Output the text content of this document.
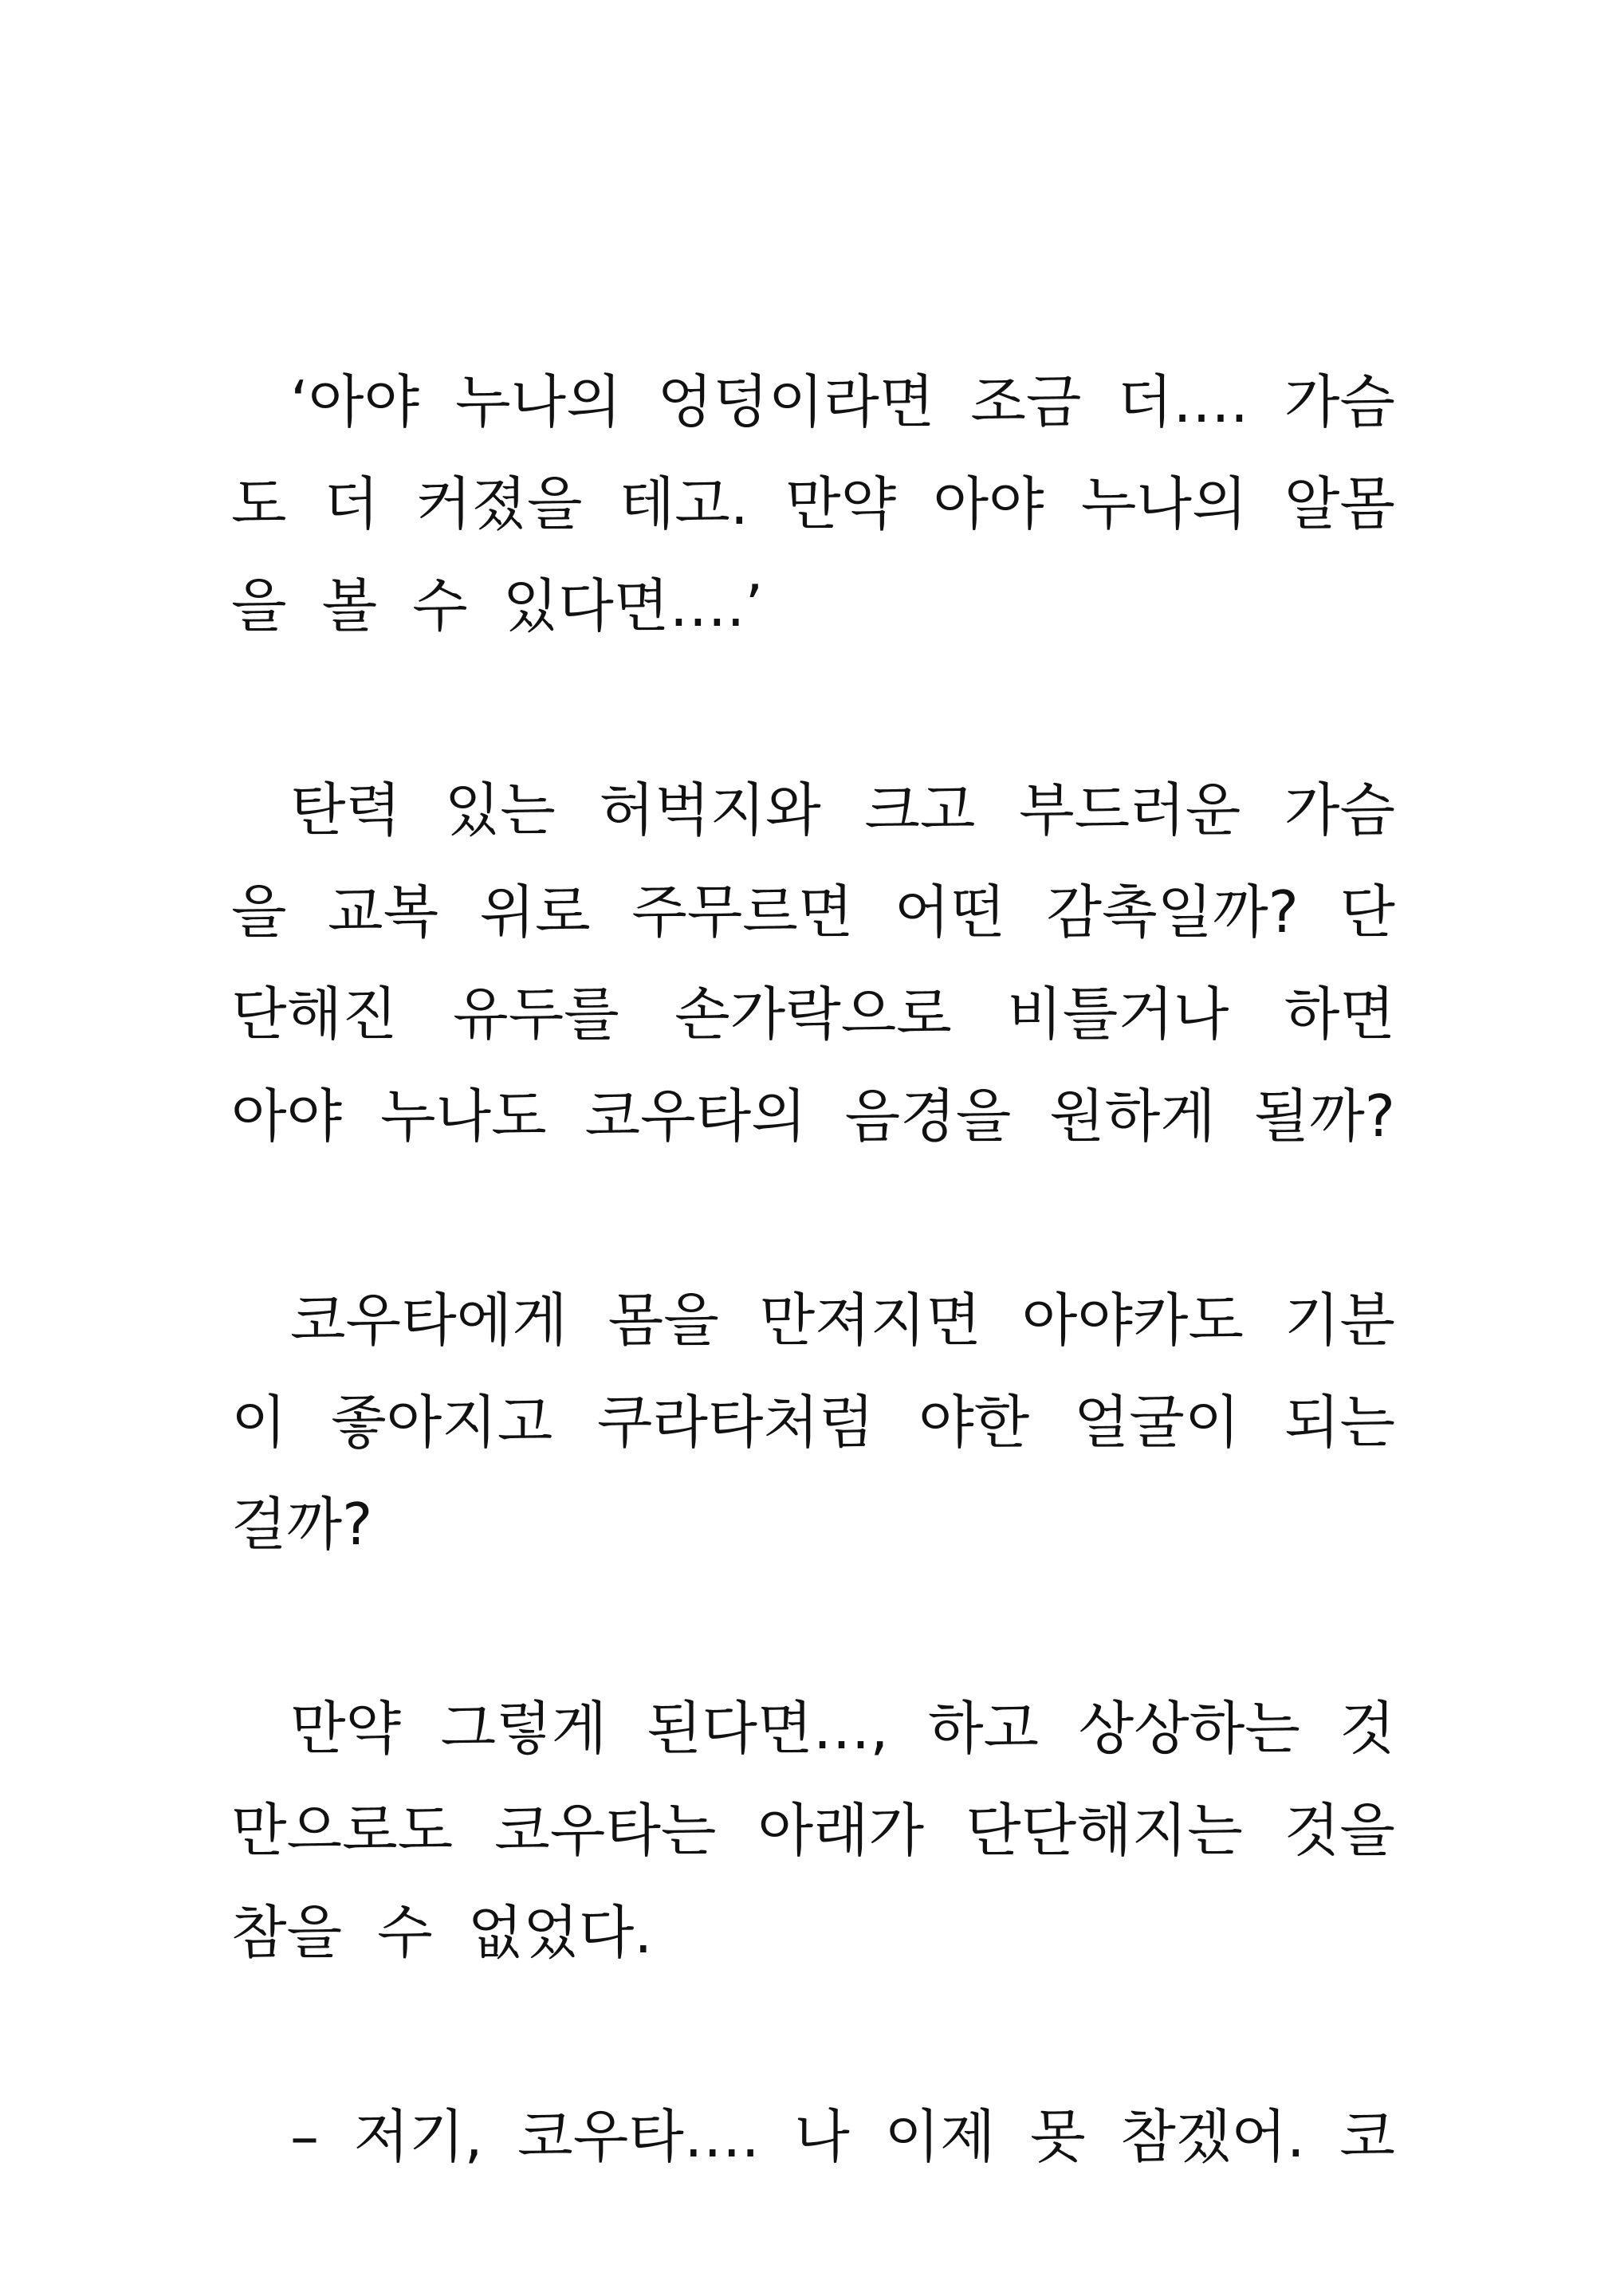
‘아야 누나의 엉덩이라면 조금 더…. 가슴
도 더 커졌을 테고. 만약 아야 누나의 알몸
을 볼 수 있다면….’
탄력 있는 허벅지와 크고 부드러운 가슴
을 교복 위로 주무르면 어떤 감촉일까? 단
단해진 유두를 손가락으로 비틀거나 하면
아야 누나도 코우타의 음경을 원하게 될까?
코우타에게 몸을 만져지면 아야카도 기분
이 좋아지고 쿠라타처럼 야한 얼굴이 되는
걸까?
만약 그렇게 된다면…, 하고 상상하는 것
만으로도 코우타는 아래가 단단해지는 것을
참을 수 없었다.
– 저기, 코우타…. 나 이제 못 참겠어. 코
